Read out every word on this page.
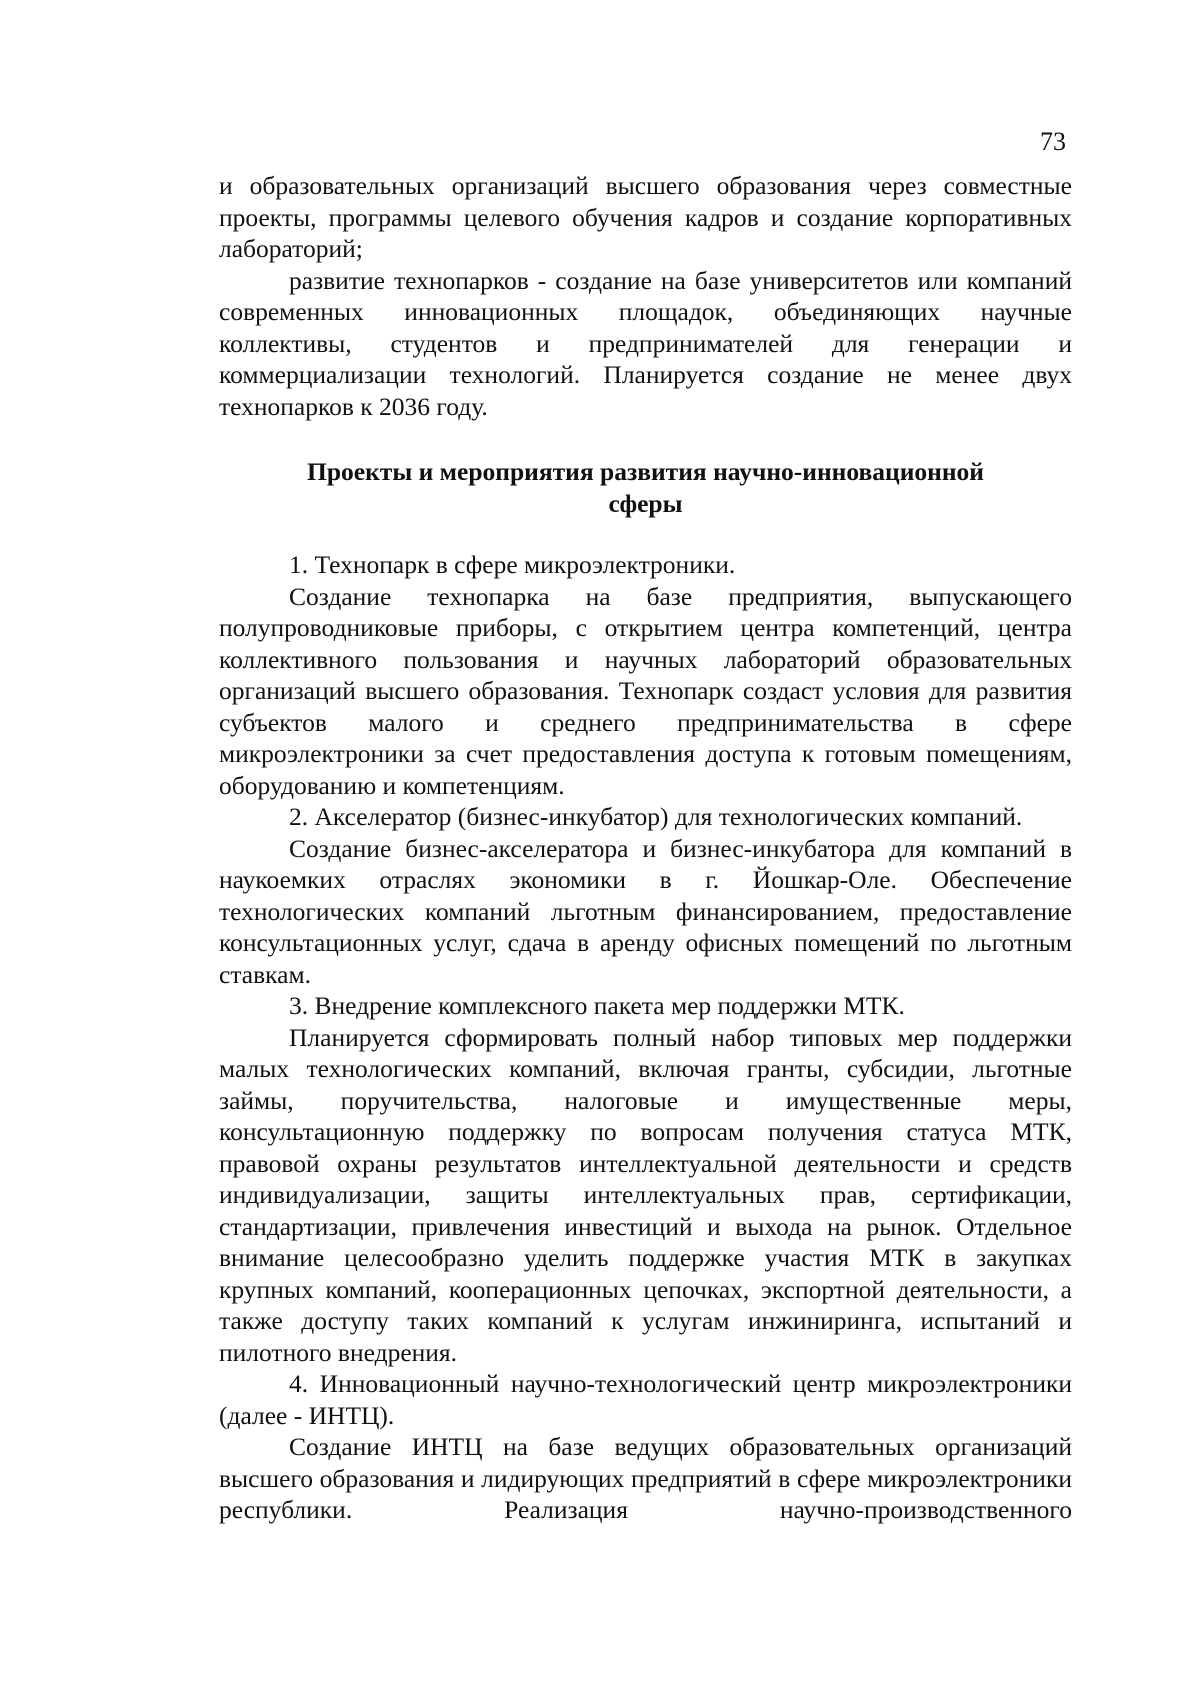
73

и образовательных организаций высшего образования через совместные проекты, программы целевого обучения кадров и создание корпоративных лабораторий;

развитие технопарков - создание на базе университетов или компаний современных инновационных площадок, объединяющих научные коллективы, студентов и предпринимателей для генерации и коммерциализации технологий. Планируется создание не менее двух технопарков к 2036 году.

Проекты и мероприятия развития научно-инновационной сферы

1. Технопарк в сфере микроэлектроники.

Создание технопарка на базе предприятия, выпускающего полупроводниковые приборы, с открытием центра компетенций, центра коллективного пользования и научных лабораторий образовательных организаций высшего образования. Технопарк создаст условия для развития субъектов малого и среднего предпринимательства в сфере микроэлектроники за счет предоставления доступа к готовым помещениям, оборудованию и компетенциям.

2. Акселератор (бизнес-инкубатор) для технологических компаний.

Создание бизнес-акселератора и бизнес-инкубатора для компаний в наукоемких отраслях экономики в г. Йошкар-Оле. Обеспечение технологических компаний льготным финансированием, предоставление консультационных услуг, сдача в аренду офисных помещений по льготным ставкам.

3. Внедрение комплексного пакета мер поддержки МТК.

Планируется сформировать полный набор типовых мер поддержки малых технологических компаний, включая гранты, субсидии, льготные займы, поручительства, налоговые и имущественные меры, консультационную поддержку по вопросам получения статуса МТК, правовой охраны результатов интеллектуальной деятельности и средств индивидуализации, защиты интеллектуальных прав, сертификации, стандартизации, привлечения инвестиций и выхода на рынок. Отдельное внимание целесообразно уделить поддержке участия МТК в закупках крупных компаний, кооперационных цепочках, экспортной деятельности, а также доступу таких компаний к услугам инжиниринга, испытаний и пилотного внедрения.

4. Инновационный научно-технологический центр микроэлектроники (далее - ИНТЦ).

Создание ИНТЦ на базе ведущих образовательных организаций высшего образования и лидирующих предприятий в сфере микроэлектроники республики. Реализация научно-производственного
